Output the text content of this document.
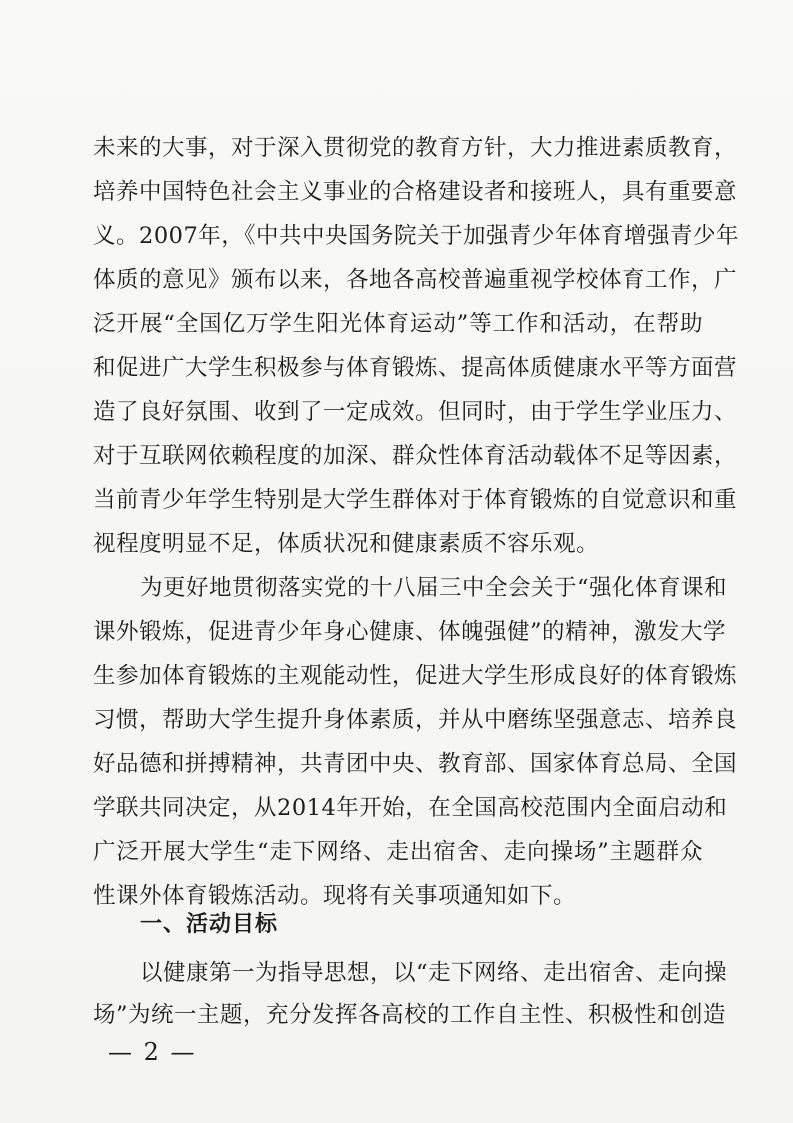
未来的大事，对于深入贯彻党的教育方针，大力推进素质教育，
培养中国特色社会主义事业的合格建设者和接班人，具有重要意
义。2007年，《中共中央国务院关于加强青少年体育增强青少年
体质的意见》颁布以来，各地各高校普遍重视学校体育工作，广
泛开展“全国亿万学生阳光体育运动”等工作和活动，在帮助
和促进广大学生积极参与体育锻炼、提高体质健康水平等方面营
造了良好氛围、收到了一定成效。但同时，由于学生学业压力、
对于互联网依赖程度的加深、群众性体育活动载体不足等因素，
当前青少年学生特别是大学生群体对于体育锻炼的自觉意识和重
视程度明显不足，体质状况和健康素质不容乐观。
为更好地贯彻落实党的十八届三中全会关于“强化体育课和
课外锻炼，促进青少年身心健康、体魄强健”的精神，激发大学
生参加体育锻炼的主观能动性，促进大学生形成良好的体育锻炼
习惯，帮助大学生提升身体素质，并从中磨练坚强意志、培养良
好品德和拼搏精神，共青团中央、教育部、国家体育总局、全国
学联共同决定，从2014年开始，在全国高校范围内全面启动和
广泛开展大学生“走下网络、走出宿舍、走向操场”主题群众
性课外体育锻炼活动。现将有关事项通知如下。
一、活动目标
以健康第一为指导思想，以“走下网络、走出宿舍、走向操
场”为统一主题，充分发挥各高校的工作自主性、积极性和创造
— 2 —
